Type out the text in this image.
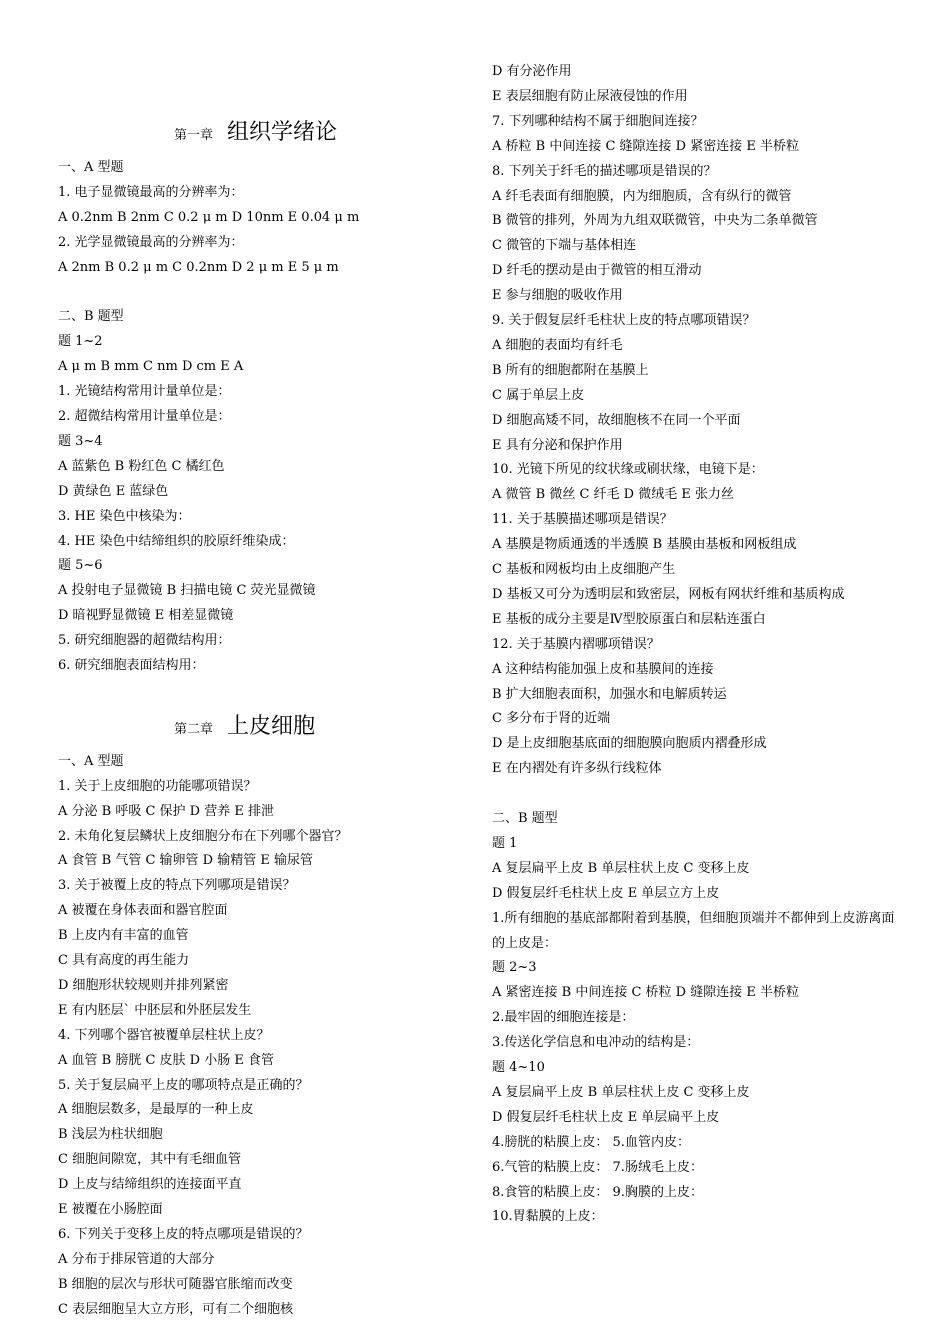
第一章 组织学绪论
一、A 型题
1. 电子显微镜最高的分辨率为：
A 0.2nm B 2nm C 0.2 μ m D 10nm E 0.04 μ m
2. 光学显微镜最高的分辨率为：
A 2nm B 0.2 μ m C 0.2nm D 2 μ m E 5 μ m
二、B 题型
题 1~2
A μ m B mm C nm D cm E A
1. 光镜结构常用计量单位是：
2. 超微结构常用计量单位是：
题 3~4
A 蓝紫色 B 粉红色 C 橘红色
D 黄绿色 E 蓝绿色
3. HE 染色中核染为：
4. HE 染色中结缔组织的胶原纤维染成：
题 5~6
A 投射电子显微镜 B 扫描电镜 C 荧光显微镜
D 暗视野显微镜 E 相差显微镜
5. 研究细胞器的超微结构用：
6. 研究细胞表面结构用：
第二章 上皮细胞
一、A 型题
1. 关于上皮细胞的功能哪项错误？
A 分泌 B 呼吸 C 保护 D 营养 E 排泄
2. 未角化复层鳞状上皮细胞分布在下列哪个器官？
A 食管 B 气管 C 输卵管 D 输精管 E 输尿管
3. 关于被覆上皮的特点下列哪项是错误？
A 被覆在身体表面和器官腔面
B 上皮内有丰富的血管
C 具有高度的再生能力
D 细胞形状较规则并排列紧密
E 有内胚层` 中胚层和外胚层发生
4. 下列哪个器官被覆单层柱状上皮？
A 血管 B 膀胱 C 皮肤 D 小肠 E 食管
5. 关于复层扁平上皮的哪项特点是正确的？
A 细胞层数多，是最厚的一种上皮
B 浅层为柱状细胞
C 细胞间隙宽，其中有毛细血管
D 上皮与结缔组织的连接面平直
E 被覆在小肠腔面
6. 下列关于变移上皮的特点哪项是错误的？
A 分布于排尿管道的大部分
B 细胞的层次与形状可随器官胀缩而改变
C 表层细胞呈大立方形，可有二个细胞核
D 有分泌作用
E 表层细胞有防止尿液侵蚀的作用
7. 下列哪种结构不属于细胞间连接？
A 桥粒 B 中间连接 C 缝隙连接 D 紧密连接 E 半桥粒
8. 下列关于纤毛的描述哪项是错误的？
A 纤毛表面有细胞膜，内为细胞质，含有纵行的微管
B 微管的排列，外周为九组双联微管，中央为二条单微管
C 微管的下端与基体相连
D 纤毛的摆动是由于微管的相互滑动
E 参与细胞的吸收作用
9. 关于假复层纤毛柱状上皮的特点哪项错误？
A 细胞的表面均有纤毛
B 所有的细胞都附在基膜上
C 属于单层上皮
D 细胞高矮不同，故细胞核不在同一个平面
E 具有分泌和保护作用
10. 光镜下所见的纹状缘或刷状缘，电镜下是：
A 微管 B 微丝 C 纤毛 D 微绒毛 E 张力丝
11. 关于基膜描述哪项是错误？
A 基膜是物质通透的半透膜 B 基膜由基板和网板组成
C 基板和网板均由上皮细胞产生
D 基板又可分为透明层和致密层，网板有网状纤维和基质构成
E 基板的成分主要是Ⅳ型胶原蛋白和层粘连蛋白
12. 关于基膜内褶哪项错误？
A 这种结构能加强上皮和基膜间的连接
B 扩大细胞表面积，加强水和电解质转运
C 多分布于肾的近端
D 是上皮细胞基底面的细胞膜向胞质内褶叠形成
E 在内褶处有许多纵行线粒体
二、B 题型
题 1
A 复层扁平上皮 B 单层柱状上皮 C 变移上皮
D 假复层纤毛柱状上皮 E 单层立方上皮
1.所有细胞的基底部都附着到基膜，但细胞顶端并不都伸到上皮游离面的上皮是：
题 2~3
A 紧密连接 B 中间连接 C 桥粒 D 缝隙连接 E 半桥粒
2.最牢固的细胞连接是：
3.传送化学信息和电冲动的结构是：
题 4~10
A 复层扁平上皮 B 单层柱状上皮 C 变移上皮
D 假复层纤毛柱状上皮 E 单层扁平上皮
4.膀胱的粘膜上皮： 5.血管内皮：
6.气管的粘膜上皮： 7.肠绒毛上皮：
8.食管的粘膜上皮： 9.胸膜的上皮：
10.胃黏膜的上皮：
